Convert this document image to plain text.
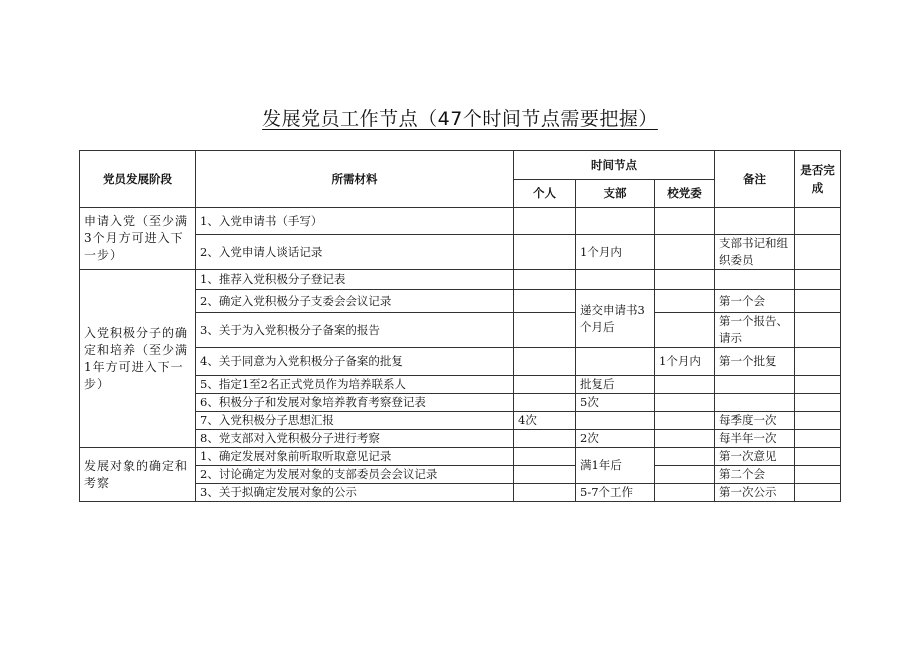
发展党员工作节点（47个时间节点需要把握）
党员发展阶段	所需材料	时间节点			备注	是否完成
		个人	支部	校党委		
申请入党（至少满3个月方可进入下一步）	1、入党申请书（手写）					
	2、入党申请人谈话记录		1个月内		支部书记和组织委员	
入党积极分子的确定和培养（至少满1年方可进入下一步）	1、推荐入党积极分子登记表					
	2、确定入党积极分子支委会会议记录		递交申请书3个月后		第一个会	
	3、关于为入党积极分子备案的报告				第一个报告、请示	
	4、关于同意为入党积极分子备案的批复			1个月内	第一个批复	
	5、指定1至2名正式党员作为培养联系人		批复后			
	6、积极分子和发展对象培养教育考察登记表		5次			
	7、入党积极分子思想汇报	4次			每季度一次	
	8、党支部对入党积极分子进行考察		2次		每半年一次	
发展对象的确定和考察	1、确定发展对象前听取听取意见记录		满1年后		第一次意见	
	2、讨论确定为发展对象的支部委员会会议记录				第二个会	
	3、关于拟确定发展对象的公示		5-7个工作		第一次公示	
